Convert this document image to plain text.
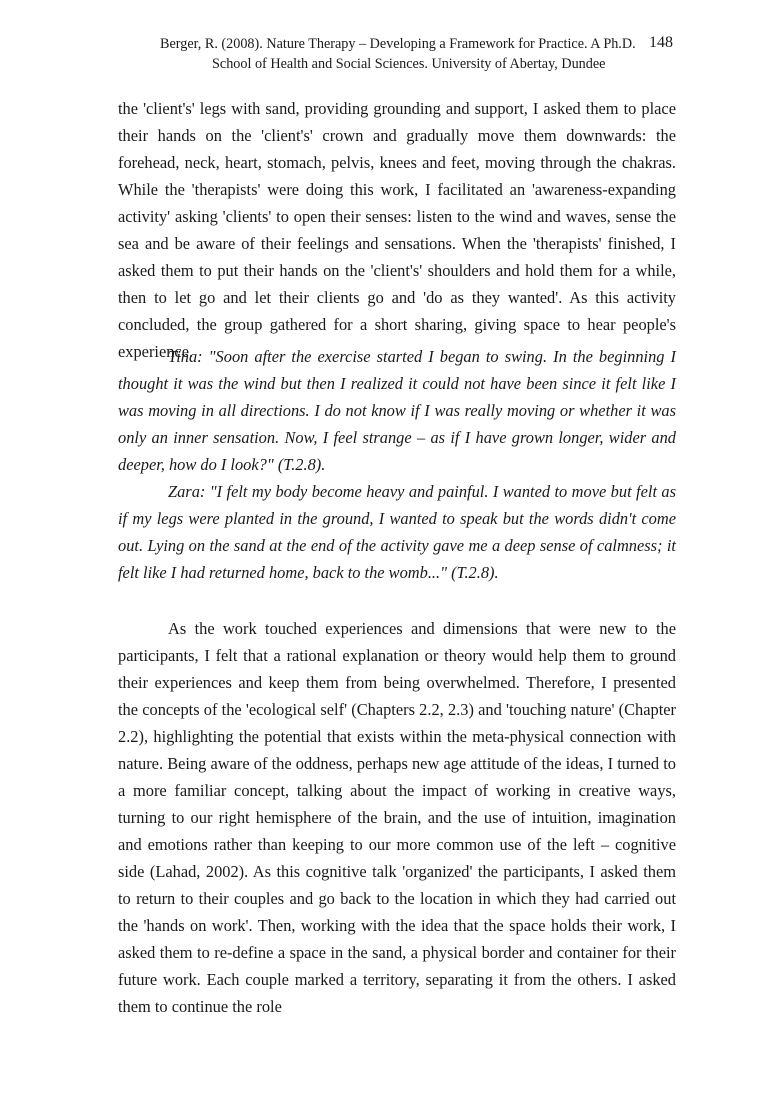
Berger, R. (2008). Nature Therapy – Developing a Framework for Practice. A Ph.D. 148
School of Health and Social Sciences. University of Abertay, Dundee

the 'client's' legs with sand, providing grounding and support, I asked them to place their hands on the 'client's' crown and gradually move them downwards: the forehead, neck, heart, stomach, pelvis, knees and feet, moving through the chakras. While the 'therapists' were doing this work, I facilitated an 'awareness-expanding activity' asking 'clients' to open their senses: listen to the wind and waves, sense the sea and be aware of their feelings and sensations. When the 'therapists' finished, I asked them to put their hands on the 'client's' shoulders and hold them for a while, then to let go and let their clients go and 'do as they wanted'. As this activity concluded, the group gathered for a short sharing, giving space to hear people's experience.

Tina: "Soon after the exercise started I began to swing. In the beginning I thought it was the wind but then I realized it could not have been since it felt like I was moving in all directions. I do not know if I was really moving or whether it was only an inner sensation. Now, I feel strange – as if I have grown longer, wider and deeper, how do I look?" (T.2.8).

Zara: "I felt my body become heavy and painful. I wanted to move but felt as if my legs were planted in the ground, I wanted to speak but the words didn't come out. Lying on the sand at the end of the activity gave me a deep sense of calmness; it felt like I had returned home, back to the womb..." (T.2.8).

As the work touched experiences and dimensions that were new to the participants, I felt that a rational explanation or theory would help them to ground their experiences and keep them from being overwhelmed. Therefore, I presented the concepts of the 'ecological self' (Chapters 2.2, 2.3) and 'touching nature' (Chapter 2.2), highlighting the potential that exists within the meta-physical connection with nature. Being aware of the oddness, perhaps new age attitude of the ideas, I turned to a more familiar concept, talking about the impact of working in creative ways, turning to our right hemisphere of the brain, and the use of intuition, imagination and emotions rather than keeping to our more common use of the left – cognitive side (Lahad, 2002). As this cognitive talk 'organized' the participants, I asked them to return to their couples and go back to the location in which they had carried out the 'hands on work'. Then, working with the idea that the space holds their work, I asked them to re-define a space in the sand, a physical border and container for their future work. Each couple marked a territory, separating it from the others. I asked them to continue the role
